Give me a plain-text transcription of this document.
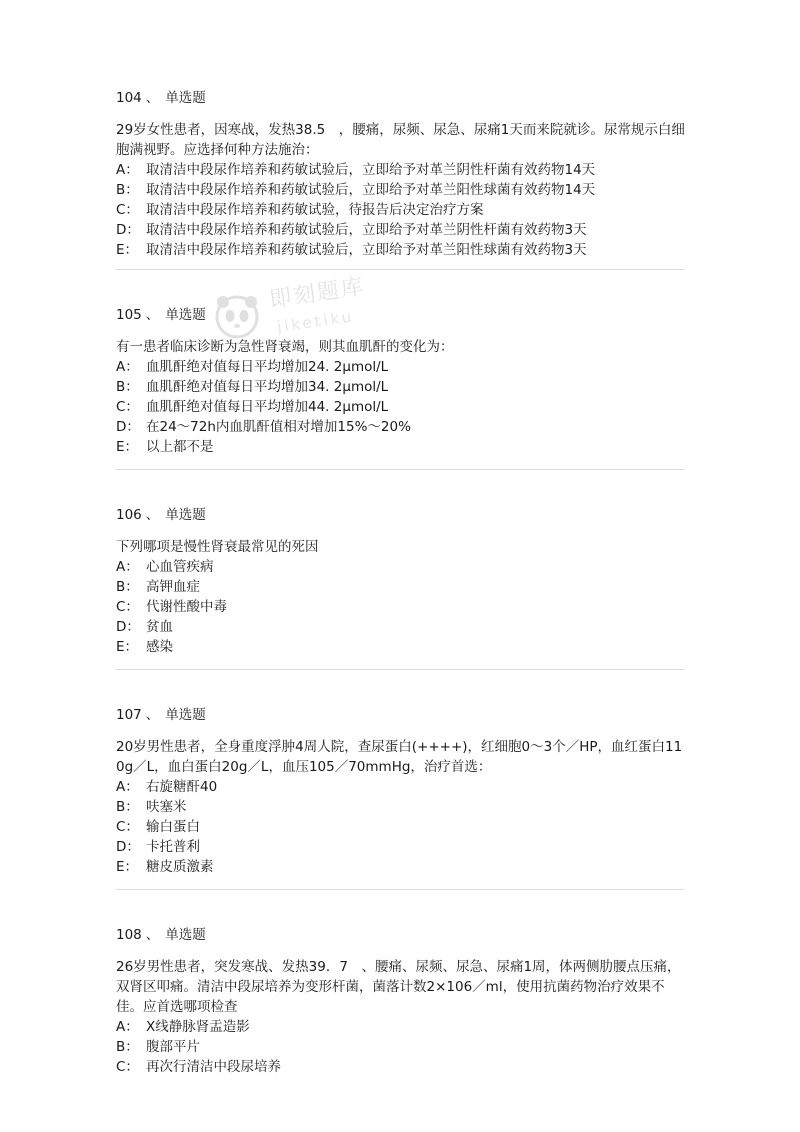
104 、 单选题
29岁女性患者，因寒战，发热38.5　，腰痛，尿频、尿急、尿痛1天而来院就诊。尿常规示白细胞满视野。应选择何种方法施治：
A： 取清洁中段尿作培养和药敏试验后，立即给予对革兰阴性杆菌有效药物14天
B： 取清洁中段尿作培养和药敏试验后，立即给予对革兰阳性球菌有效药物14天
C： 取清洁中段尿作培养和药敏试验，待报告后决定治疗方案
D： 取清洁中段尿作培养和药敏试验后，立即给予对革兰阴性杆菌有效药物3天
E： 取清洁中段尿作培养和药敏试验后，立即给予对革兰阳性球菌有效药物3天
105 、 单选题
有一患者临床诊断为急性肾衰竭，则其血肌酐的变化为：
A： 血肌酐绝对值每日平均增加24. 2μmol/L
B： 血肌酐绝对值每日平均增加34. 2μmol/L
C： 血肌酐绝对值每日平均增加44. 2μmol/L
D： 在24～72h内血肌酐值相对增加15%～20%
E： 以上都不是
106 、 单选题
下列哪项是慢性肾衰最常见的死因
A： 心血管疾病
B： 高钾血症
C： 代谢性酸中毒
D： 贫血
E： 感染
107 、 单选题
20岁男性患者，全身重度浮肿4周人院，查尿蛋白(++++)，红细胞0～3个／HP，血红蛋白110g／L，血白蛋白20g／L，血压105／70mmHg，治疗首选：
A： 右旋糖酐40
B： 呋塞米
C： 输白蛋白
D： 卡托普利
E： 糖皮质激素
108 、 单选题
26岁男性患者，突发寒战、发热39．7　、腰痛、尿频、尿急、尿痛1周，体两侧肋腰点压痛，双肾区叩痛。清洁中段尿培养为变形杆菌，菌落计数2×106／ml，使用抗菌药物治疗效果不佳。应首选哪项检查
A： X线静脉肾盂造影
B： 腹部平片
C： 再次行清洁中段尿培养
即刻题库
jiketiku
